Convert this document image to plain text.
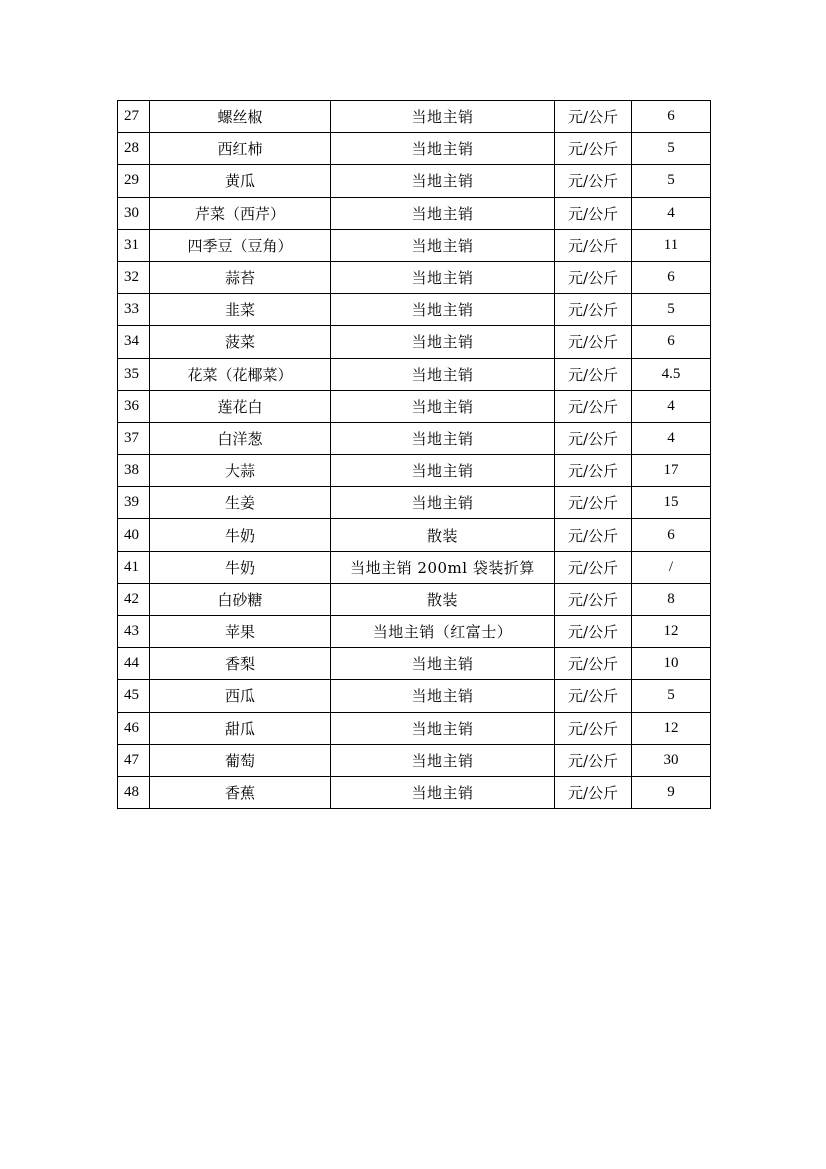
27	螺丝椒	当地主销	元/公斤	6
28	西红柿	当地主销	元/公斤	5
29	黄瓜	当地主销	元/公斤	5
30	芹菜（西芹）	当地主销	元/公斤	4
31	四季豆（豆角）	当地主销	元/公斤	11
32	蒜苔	当地主销	元/公斤	6
33	韭菜	当地主销	元/公斤	5
34	菠菜	当地主销	元/公斤	6
35	花菜（花椰菜）	当地主销	元/公斤	4.5
36	莲花白	当地主销	元/公斤	4
37	白洋葱	当地主销	元/公斤	4
38	大蒜	当地主销	元/公斤	17
39	生姜	当地主销	元/公斤	15
40	牛奶	散装	元/公斤	6
41	牛奶	当地主销 200ml 袋装折算	元/公斤	/
42	白砂糖	散装	元/公斤	8
43	苹果	当地主销（红富士）	元/公斤	12
44	香梨	当地主销	元/公斤	10
45	西瓜	当地主销	元/公斤	5
46	甜瓜	当地主销	元/公斤	12
47	葡萄	当地主销	元/公斤	30
48	香蕉	当地主销	元/公斤	9
